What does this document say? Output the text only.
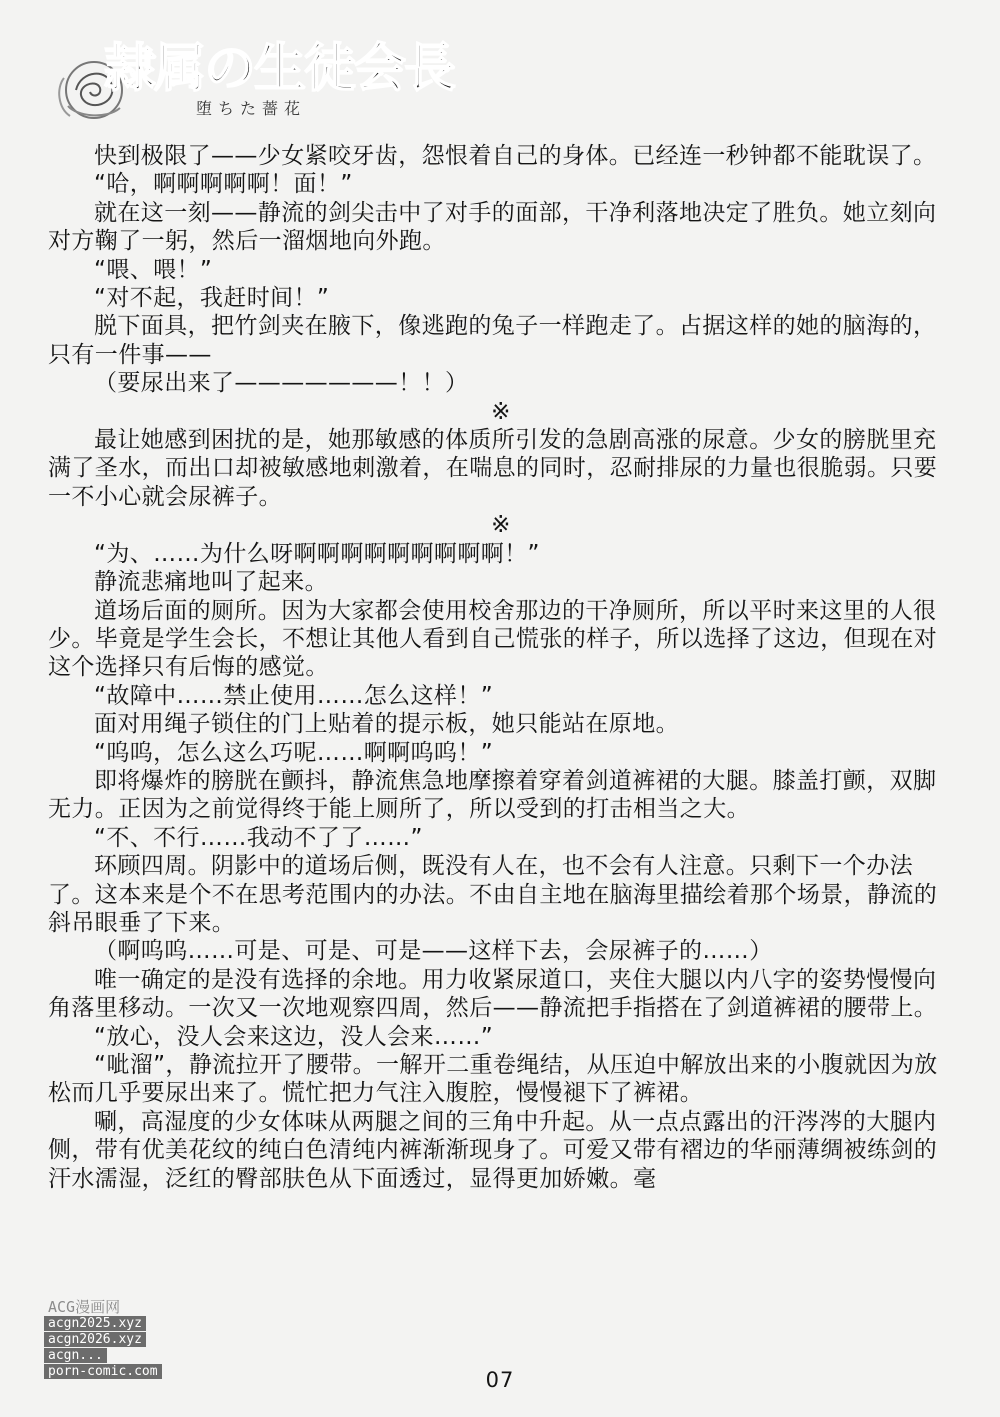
隷属の生徒会長
堕ちた薔花

快到极限了——少女紧咬牙齿，怨恨着自己的身体。已经连一秒钟都不能耽误了。

“哈，啊啊啊啊啊！面！”

就在这一刻——静流的剑尖击中了对手的面部，干净利落地决定了胜负。她立刻向对方鞠了一躬，然后一溜烟地向外跑。

“喂、喂！”

“对不起，我赶时间！”

脱下面具，把竹剑夹在腋下，像逃跑的兔子一样跑走了。占据这样的她的脑海的，只有一件事——

（要尿出来了———————！！）

※

最让她感到困扰的是，她那敏感的体质所引发的急剧高涨的尿意。少女的膀胱里充满了圣水，而出口却被敏感地刺激着，在喘息的同时，忍耐排尿的力量也很脆弱。只要一不小心就会尿裤子。

※

“为、……为什么呀啊啊啊啊啊啊啊啊啊！”

静流悲痛地叫了起来。

道场后面的厕所。因为大家都会使用校舍那边的干净厕所，所以平时来这里的人很少。毕竟是学生会长，不想让其他人看到自己慌张的样子，所以选择了这边，但现在对这个选择只有后悔的感觉。

“故障中……禁止使用……怎么这样！”

面对用绳子锁住的门上贴着的提示板，她只能站在原地。

“呜呜，怎么这么巧呢……啊啊呜呜！”

即将爆炸的膀胱在颤抖，静流焦急地摩擦着穿着剑道裤裙的大腿。膝盖打颤，双脚无力。正因为之前觉得终于能上厕所了，所以受到的打击相当之大。

“不、不行……我动不了了……”

环顾四周。阴影中的道场后侧，既没有人在，也不会有人注意。只剩下一个办法了。这本来是个不在思考范围内的办法。不由自主地在脑海里描绘着那个场景，静流的斜吊眼垂了下来。

（啊呜呜……可是、可是、可是——这样下去，会尿裤子的……）

唯一确定的是没有选择的余地。用力收紧尿道口，夹住大腿以内八字的姿势慢慢向角落里移动。一次又一次地观察四周，然后——静流把手指搭在了剑道裤裙的腰带上。

“放心，没人会来这边，没人会来……”

“呲溜”，静流拉开了腰带。一解开二重卷绳结，从压迫中解放出来的小腹就因为放松而几乎要尿出来了。慌忙把力气注入腹腔，慢慢褪下了裤裙。

唰，高湿度的少女体味从两腿之间的三角中升起。从一点点露出的汗涔涔的大腿内侧，带有优美花纹的纯白色清纯内裤渐渐现身了。可爱又带有褶边的华丽薄绸被练剑的汗水濡湿，泛红的臀部肤色从下面透过，显得更加娇嫩。毫

ACG漫画网
acgn2025.xyz
acgn2026.xyz
acgn...
porn-comic.com	07
